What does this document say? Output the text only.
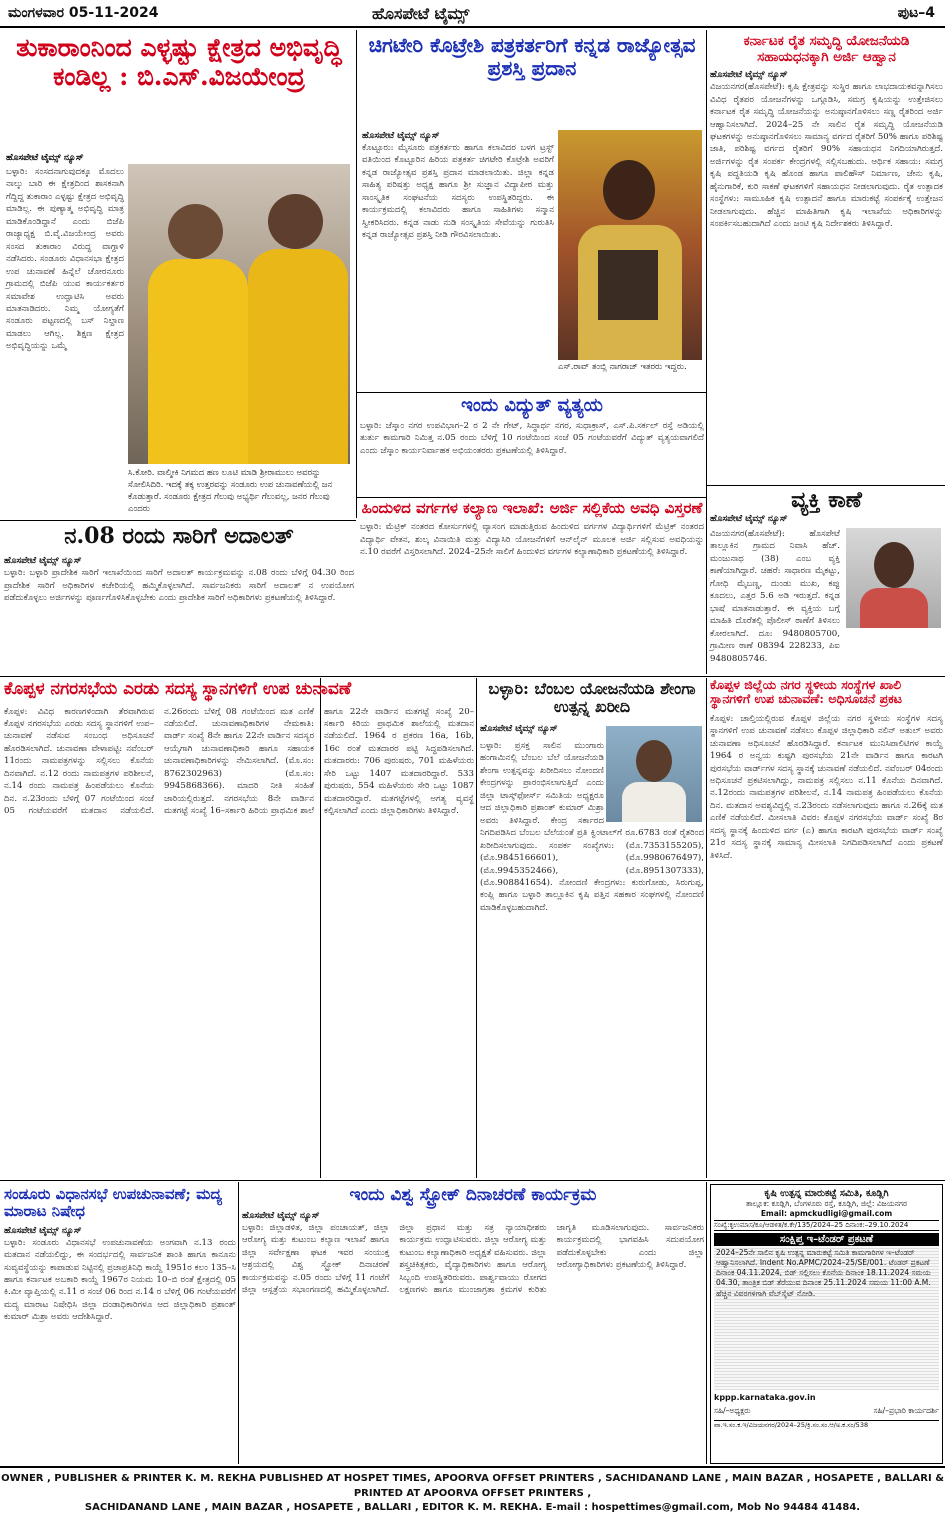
ಮಂಗಳವಾರ 05-11-2024	ಹೊಸಪೇಟೆ ಟೈಮ್ಸ್	ಪುಟ–4
ತುಕಾರಾಂನಿಂದ ಎಳ್ಳಷ್ಟು ಕ್ಷೇತ್ರದ ಅಭಿವೃದ್ಧಿ ಕಂಡಿಲ್ಲ : ಬಿ.ಎಸ್.ವಿಜಯೇಂದ್ರ
ಹೊಸಪೇಟೆ ಟೈಮ್ಸ್ ನ್ಯೂಸ್
ಬಳ್ಳಾರಿ: ಸಂಸದನಾಗುವುದಕ್ಕೂ ಮೊದಲು ನಾಲ್ಕು ಬಾರಿ ಈ ಕ್ಷೇತ್ರದಿಂದ ಶಾಸಕನಾಗಿ ಗೆದ್ದಿದ್ದ ತುಕಾರಾಂ ಎಳ್ಳಷ್ಟು ಕ್ಷೇತ್ರದ ಅಭಿವೃದ್ಧಿ ಮಾಡಿಲ್ಲ. ಈ ಪುಣ್ಯಾತ್ಮ ಅಭಿವೃದ್ಧಿ ಮಾತ್ರ ಮಾಡಿಕೊಂಡಿದ್ದಾನೆ ಎಂದು ಬಿಜೆಪಿ ರಾಜ್ಯಾಧ್ಯಕ್ಷ ಬಿ.ವೈ.ವಿಜಯೇಂದ್ರ ಅವರು ಸಂಸದ ತುಕಾರಾಂ ವಿರುದ್ಧ ವಾಗ್ದಾಳಿ ನಡೆಸಿದರು. ಸಂಡೂರು ವಿಧಾನಸಭಾ ಕ್ಷೇತ್ರದ ಉಪ ಚುನಾವಣೆ ಹಿನ್ನೆಲೆ ಚೋರನೂರು ಗ್ರಾಮದಲ್ಲಿ ಬಿಜೆಪಿ ಯುವ ಕಾರ್ಯಕರ್ತರ ಸಮಾವೇಶ ಉದ್ಘಾಟಿಸಿ ಅವರು ಮಾತನಾಡಿದರು. ನಿಮ್ಮ ಯೋಗ್ಯತೆಗೆ ಸಂಡೂರು ಪಟ್ಟಣದಲ್ಲಿ ಬಸ್ ನಿಲ್ದಾಣ ಮಾಡಲು ಆಗಿಲ್ಲ. ಶಿಕ್ಷಣ ಕ್ಷೇತ್ರದ ಅಭಿವೃದ್ಧಿಯನ್ನು ಒಮ್ಮೆ
ಸಿ.ಕೋರಿ. ವಾಲ್ಮೀಕಿ ನಿಗಮದ ಹಣ ಲೂಟಿ ಮಾಡಿ ಶ್ರೀರಾಮುಲು ಅವರನ್ನು ಸೋಲಿಸಿದಿರಿ. ಇದಕ್ಕೆ ತಕ್ಕ ಉತ್ತರವನ್ನು ಸಂಡೂರು ಉಪ ಚುನಾವಣೆಯಲ್ಲಿ ಜನ ಕೊಡುತ್ತಾರೆ. ಸಂಡೂರು ಕ್ಷೇತ್ರದ ಗೆಲುವು ಅಭ್ಯರ್ಥಿ ಗೆಲುವಲ್ಲ, ಜನರ ಗೆಲುವು ಎಂದರು
ಚಿಗಟೇರಿ ಕೊಟ್ರೇಶಿ ಪತ್ರಕರ್ತರಿಗೆ ಕನ್ನಡ ರಾಜ್ಯೋತ್ಸವ ಪ್ರಶಸ್ತಿ ಪ್ರದಾನ
ಹೊಸಪೇಟೆ ಟೈಮ್ಸ್ ನ್ಯೂಸ್
ಕೊಟ್ಟೂರು: ಮೈಸೂರು ಪತ್ರಕರ್ತರು ಹಾಗೂ ಕಲಾವಿದರ ಬಳಗ ಟ್ರಸ್ಟ್ ವತಿಯಿಂದ ಕೊಟ್ಟೂರಿನ ಹಿರಿಯ ಪತ್ರಕರ್ತ ಚಿಗಟೇರಿ ಕೊಟ್ರೇಶಿ ಅವರಿಗೆ ಕನ್ನಡ ರಾಜ್ಯೋತ್ಸವ ಪ್ರಶಸ್ತಿ ಪ್ರದಾನ ಮಾಡಲಾಯಿತು. ಜಿಲ್ಲಾ ಕನ್ನಡ ಸಾಹಿತ್ಯ ಪರಿಷತ್ತು ಅಧ್ಯಕ್ಷ ಹಾಗೂ ಶ್ರೀ ಸುಜ್ಞಾನ ವಿದ್ಯಾಪೀಠ ಮತ್ತು ಸಾಂಸ್ಕೃತಿಕ ಸಂಘಟನೆಯ ಸದಸ್ಯರು ಉಪಸ್ಥಿತರಿದ್ದರು. ಈ ಕಾರ್ಯಕ್ರಮದಲ್ಲಿ ಕಲಾವಿದರು ಹಾಗೂ ಸಾಹಿತಿಗಳು ಸನ್ಮಾನ ಸ್ವೀಕರಿಸಿದರು. ಕನ್ನಡ ನಾಡು ನುಡಿ ಸಂಸ್ಕೃತಿಯ ಸೇವೆಯನ್ನು ಗುರುತಿಸಿ ಕನ್ನಡ ರಾಜ್ಯೋತ್ಸವ ಪ್ರಶಸ್ತಿ ನೀಡಿ ಗೌರವಿಸಲಾಯಿತು.
ಎಸ್.ರಾವ್ ತಂಬ್ಲಿ ನಾಗರಾಜ್ ಇತರರು ಇದ್ದರು.
ಕರ್ನಾಟಕ ರೈತ ಸಮೃದ್ಧಿ ಯೋಜನೆಯಡಿ ಸಹಾಯಧನಕ್ಕಾಗಿ ಅರ್ಜಿ ಆಹ್ವಾನ
ಹೊಸಪೇಟೆ ಟೈಮ್ಸ್ ನ್ಯೂಸ್
ವಿಜಯನಗರ(ಹೊಸಪೇಟೆ): ಕೃಷಿ ಕ್ಷೇತ್ರವನ್ನು ಸುಸ್ಥಿರ ಹಾಗೂ ಲಾಭದಾಯಕವನ್ನಾಗಿಸಲು ವಿವಿಧ ರೈತಪರ ಯೋಜನೆಗಳನ್ನು ಒಗ್ಗೂಡಿಸಿ, ಸಮಗ್ರ ಕೃಷಿಯನ್ನು ಉತ್ತೇಜಿಸಲು ಕರ್ನಾಟಕ ರೈತ ಸಮೃದ್ಧಿ ಯೋಜನೆಯನ್ನು ಅನುಷ್ಠಾನಗೊಳಿಸಲು ಸಣ್ಣ ರೈತರಿಂದ ಅರ್ಜಿ ಆಹ್ವಾನಿಸಲಾಗಿದೆ. 2024–25 ನೇ ಸಾಲಿನ ರೈತ ಸಮೃದ್ಧಿ ಯೋಜನೆಯಡಿ ಘಟಕಗಳನ್ನು ಅನುಷ್ಠಾನಗೊಳಿಸಲು ಸಾಮಾನ್ಯ ವರ್ಗದ ರೈತರಿಗೆ 50% ಹಾಗೂ ಪರಿಶಿಷ್ಟ ಜಾತಿ, ಪರಿಶಿಷ್ಟ ವರ್ಗದ ರೈತರಿಗೆ 90% ಸಹಾಯಧನ ನಿಗದಿಯಾಗಿರುತ್ತದೆ. ಅರ್ಜಿಗಳನ್ನು ರೈತ ಸಂಪರ್ಕ ಕೇಂದ್ರಗಳಲ್ಲಿ ಸಲ್ಲಿಸಬಹುದು. ಆರ್ಥಿಕ ಸಹಾಯ: ಸಮಗ್ರ ಕೃಷಿ ಪದ್ಧತಿಯಡಿ ಕೃಷಿ ಹೊಂಡ ಹಾಗೂ ಪಾಲಿಹೌಸ್ ನಿರ್ಮಾಣ, ಜೇನು ಕೃಷಿ, ಹೈನುಗಾರಿಕೆ, ಕುರಿ ಸಾಕಣೆ ಘಟಕಗಳಿಗೆ ಸಹಾಯಧನ ನೀಡಲಾಗುವುದು. ರೈತ ಉತ್ಪಾದಕ ಸಂಸ್ಥೆಗಳು: ಸಾಮೂಹಿಕ ಕೃಷಿ ಉತ್ಪಾದನೆ ಹಾಗೂ ಮಾರುಕಟ್ಟೆ ಸಂಪರ್ಕಕ್ಕೆ ಉತ್ತೇಜನ ನೀಡಲಾಗುವುದು. ಹೆಚ್ಚಿನ ಮಾಹಿತಿಗಾಗಿ ಕೃಷಿ ಇಲಾಖೆಯ ಅಧಿಕಾರಿಗಳನ್ನು ಸಂಪರ್ಕಿಸಬಹುದಾಗಿದೆ ಎಂದು ಜಂಟಿ ಕೃಷಿ ನಿರ್ದೇಶಕರು ತಿಳಿಸಿದ್ದಾರೆ.
ಇಂದು ವಿದ್ಯುತ್ ವ್ಯತ್ಯಯ
ಬಳ್ಳಾರಿ: ಜೆಸ್ಕಾಂ ನಗರ ಉಪವಿಭಾಗ–2 ರ 2 ನೇ ಗೇಟ್, ಸಿದ್ಧಾರ್ಥ ನಗರ, ಸುಧಾಕ್ರಾಸ್, ಎಸ್.ಪಿ.ಸರ್ಕಲ್ ರಸ್ತೆ ಅಡಿಯಲ್ಲಿ ತುರ್ತು ಕಾಮಗಾರಿ ನಿಮಿತ್ತ ನ.05 ರಂದು ಬೆಳಿಗ್ಗೆ 10 ಗಂಟೆಯಿಂದ ಸಂಜೆ 05 ಗಂಟೆಯವರೆಗೆ ವಿದ್ಯುತ್ ವ್ಯತ್ಯಯವಾಗಲಿದೆ ಎಂದು ಜೆಸ್ಕಾಂ ಕಾರ್ಯನಿರ್ವಾಹಕ ಅಭಿಯಂತರರು ಪ್ರಕಟಣೆಯಲ್ಲಿ ತಿಳಿಸಿದ್ದಾರೆ.
ಹಿಂದುಳಿದ ವರ್ಗಗಳ ಕಲ್ಯಾಣ ಇಲಾಖೆ: ಅರ್ಜಿ ಸಲ್ಲಿಕೆಯ ಅವಧಿ ವಿಸ್ತರಣೆ
ಬಳ್ಳಾರಿ: ಮೆಟ್ರಿಕ್ ನಂತರದ ಕೋರ್ಸುಗಳಲ್ಲಿ ವ್ಯಾಸಂಗ ಮಾಡುತ್ತಿರುವ ಹಿಂದುಳಿದ ವರ್ಗಗಳ ವಿದ್ಯಾರ್ಥಿಗಳಿಗೆ ಮೆಟ್ರಿಕ್ ನಂತರದ ವಿದ್ಯಾರ್ಥಿ ವೇತನ, ಶುಲ್ಕ ವಿನಾಯಿತಿ ಮತ್ತು ವಿದ್ಯಾಸಿರಿ ಯೋಜನೆಗಳಿಗೆ ಆನ್‌ಲೈನ್ ಮೂಲಕ ಅರ್ಜಿ ಸಲ್ಲಿಸುವ ಅವಧಿಯನ್ನು ನ.10 ರವರೆಗೆ ವಿಸ್ತರಿಸಲಾಗಿದೆ. 2024–25ನೇ ಸಾಲಿಗೆ ಹಿಂದುಳಿದ ವರ್ಗಗಳ ಕಲ್ಯಾಣಾಧಿಕಾರಿ ಪ್ರಕಟಣೆಯಲ್ಲಿ ತಿಳಿಸಿದ್ದಾರೆ.
ವ್ಯಕ್ತಿ ಕಾಣೆ
ಹೊಸಪೇಟೆ ಟೈಮ್ಸ್ ನ್ಯೂಸ್
ವಿಜಯನಗರ(ಹೊಸಪೇಟೆ): ಹೊಸಪೇಟೆ ತಾಲ್ಲೂಕಿನ ಗ್ರಾಮದ ನಿವಾಸಿ ಹೆಚ್. ಮಂಜುನಾಥ (38) ಎಂಬ ವ್ಯಕ್ತಿ ಕಾಣೆಯಾಗಿದ್ದಾರೆ. ಚಹರೆ: ಸಾಧಾರಣ ಮೈಕಟ್ಟು, ಗೋಧಿ ಮೈಬಣ್ಣ, ದುಂಡು ಮುಖ, ಕಪ್ಪು ಕೂದಲು, ಎತ್ತರ 5.6 ಅಡಿ ಇರುತ್ತದೆ. ಕನ್ನಡ ಭಾಷೆ ಮಾತನಾಡುತ್ತಾರೆ. ಈ ವ್ಯಕ್ತಿಯ ಬಗ್ಗೆ ಮಾಹಿತಿ ದೊರೆತಲ್ಲಿ ಪೊಲೀಸ್ ಠಾಣೆಗೆ ತಿಳಿಸಲು ಕೋರಲಾಗಿದೆ. ದೂ: 9480805700, ಗ್ರಾಮೀಣ ಠಾಣೆ 08394 228233, ಪಿಐ 9480805746.
ನ.08 ರಂದು ಸಾರಿಗೆ ಅದಾಲತ್
ಹೊಸಪೇಟೆ ಟೈಮ್ಸ್ ನ್ಯೂಸ್
ಬಳ್ಳಾರಿ: ಬಳ್ಳಾರಿ ಪ್ರಾದೇಶಿಕ ಸಾರಿಗೆ ಇಲಾಖೆಯಿಂದ ಸಾರಿಗೆ ಅದಾಲತ್ ಕಾರ್ಯಕ್ರಮವನ್ನು ನ.08 ರಂದು ಬೆಳಿಗ್ಗೆ 04.30 ರಿಂದ ಪ್ರಾದೇಶಿಕ ಸಾರಿಗೆ ಅಧಿಕಾರಿಗಳ ಕಚೇರಿಯಲ್ಲಿ ಹಮ್ಮಿಕೊಳ್ಳಲಾಗಿದೆ. ಸಾರ್ವಜನಿಕರು ಸಾರಿಗೆ ಅದಾಲತ್ ನ ಉಪಯೋಗ ಪಡೆದುಕೊಳ್ಳಲು ಅರ್ಜಿಗಳನ್ನು ಪೂರ್ಣಗೊಳಿಸಿಕೊಳ್ಳಬೇಕು ಎಂದು ಪ್ರಾದೇಶಿಕ ಸಾರಿಗೆ ಅಧಿಕಾರಿಗಳು ಪ್ರಕಟಣೆಯಲ್ಲಿ ತಿಳಿಸಿದ್ದಾರೆ.
ಕೊಪ್ಪಳ ನಗರಸಭೆಯ ಎರಡು ಸದಸ್ಯ ಸ್ಥಾನಗಳಿಗೆ ಉಪ ಚುನಾವಣೆ
ಕೊಪ್ಪಳ: ವಿವಿಧ ಕಾರಣಗಳಿಂದಾಗಿ ತೆರವಾಗಿರುವ ಕೊಪ್ಪಳ ನಗರಸಭೆಯ ಎರಡು ಸದಸ್ಯ ಸ್ಥಾನಗಳಿಗೆ ಉಪ–ಚುನಾವಣೆ ನಡೆಸುವ ಸಂಬಂಧ ಅಧಿಸೂಚನೆ ಹೊರಡಿಸಲಾಗಿದೆ. ಚುನಾವಣಾ ವೇಳಾಪಟ್ಟಿ: ನವೆಂಬರ್ 11ರಂದು ನಾಮಪತ್ರಗಳನ್ನು ಸಲ್ಲಿಸಲು ಕೊನೆಯ ದಿನವಾಗಿದೆ. ನ.12 ರಂದು ನಾಮಪತ್ರಗಳ ಪರಿಶೀಲನೆ, ನ.14 ರಂದು ನಾಮಪತ್ರ ಹಿಂಪಡೆಯಲು ಕೊನೆಯ ದಿನ. ನ.23ರಂದು ಬೆಳಿಗ್ಗೆ 07 ಗಂಟೆಯಿಂದ ಸಂಜೆ 05 ಗಂಟೆಯವರೆಗೆ ಮತದಾನ ನಡೆಯಲಿದೆ. ನ.26ರಂದು ಬೆಳಿಗ್ಗೆ 08 ಗಂಟೆಯಿಂದ ಮತ ಎಣಿಕೆ ನಡೆಯಲಿದೆ. ಚುನಾವಣಾಧಿಕಾರಿಗಳ ನೇಮಕಾತಿ: ವಾರ್ಡ್ ಸಂಖ್ಯೆ 8ನೇ ಹಾಗೂ 22ನೇ ವಾರ್ಡಿನ ಸದಸ್ಯರ ಆಯ್ಕೆಗಾಗಿ ಚುನಾವಣಾಧಿಕಾರಿ ಹಾಗೂ ಸಹಾಯಕ ಚುನಾವಣಾಧಿಕಾರಿಗಳನ್ನು ನೇಮಿಸಲಾಗಿದೆ. (ಮೊ.ಸಂ: 8762302963) (ಮೊ.ಸಂ: 9945868366). ಮಾದರಿ ನೀತಿ ಸಂಹಿತೆ ಜಾರಿಯಲ್ಲಿರುತ್ತದೆ. ನಗರಸಭೆಯ 8ನೇ ವಾರ್ಡಿನ ಮತಗಟ್ಟೆ ಸಂಖ್ಯೆ 16–ಸರ್ಕಾರಿ ಹಿರಿಯ ಪ್ರಾಥಮಿಕ ಶಾಲೆ ಹಾಗೂ 22ನೇ ವಾರ್ಡಿನ ಮತಗಟ್ಟೆ ಸಂಖ್ಯೆ 20–ಸರ್ಕಾರಿ ಕಿರಿಯ ಪ್ರಾಥಮಿಕ ಶಾಲೆಯಲ್ಲಿ ಮತದಾನ ನಡೆಯಲಿದೆ. 1964 ರ ಪ್ರಕರಣ 16a, 16b, 16c ರಂತೆ ಮತದಾರರ ಪಟ್ಟಿ ಸಿದ್ಧಪಡಿಸಲಾಗಿದೆ. ಮತದಾರರು: 706 ಪುರುಷರು, 701 ಮಹಿಳೆಯರು ಸೇರಿ ಒಟ್ಟು 1407 ಮತದಾರರಿದ್ದಾರೆ. 533 ಪುರುಷರು, 554 ಮಹಿಳೆಯರು ಸೇರಿ ಒಟ್ಟು 1087 ಮತದಾರರಿದ್ದಾರೆ. ಮತಗಟ್ಟೆಗಳಲ್ಲಿ ಅಗತ್ಯ ವ್ಯವಸ್ಥೆ ಕಲ್ಪಿಸಲಾಗಿದೆ ಎಂದು ಜಿಲ್ಲಾಧಿಕಾರಿಗಳು ತಿಳಿಸಿದ್ದಾರೆ.
ಬಳ್ಳಾರಿ: ಬೆಂಬಲ ಯೋಜನೆಯಡಿ ಶೇಂಗಾ ಉತ್ಪನ್ನ ಖರೀದಿ
ಹೊಸಪೇಟೆ ಟೈಮ್ಸ್ ನ್ಯೂಸ್
ಬಳ್ಳಾರಿ: ಪ್ರಸಕ್ತ ಸಾಲಿನ ಮುಂಗಾರು ಹಂಗಾಮಿನಲ್ಲಿ ಬೆಂಬಲ ಬೆಲೆ ಯೋಜನೆಯಡಿ ಶೇಂಗಾ ಉತ್ಪನ್ನವನ್ನು ಖರೀದಿಸಲು ನೋಂದಣಿ ಕೇಂದ್ರಗಳನ್ನು ಪ್ರಾರಂಭಿಸಲಾಗುತ್ತಿದೆ ಎಂದು ಜಿಲ್ಲಾ ಟಾಸ್ಕ್‌ಫೋರ್ಸ್ ಸಮಿತಿಯ ಅಧ್ಯಕ್ಷರೂ ಆದ ಜಿಲ್ಲಾಧಿಕಾರಿ ಪ್ರಶಾಂತ್ ಕುಮಾರ್ ಮಿಶ್ರಾ ಅವರು ತಿಳಿಸಿದ್ದಾರೆ. ಕೇಂದ್ರ ಸರ್ಕಾರದ ನಿಗದಿಪಡಿಸಿದ ಬೆಂಬಲ ಬೆಲೆಯಂತೆ ಪ್ರತಿ ಕ್ವಿಂಟಾಲ್‌ಗೆ ರೂ.6783 ರಂತೆ ರೈತರಿಂದ ಖರೀದಿಸಲಾಗುವುದು. ಸಂಪರ್ಕ ಸಂಖ್ಯೆಗಳು: (ಮೊ.7353155205), (ಮೊ.9845166601), (ಮೊ.9980676497), (ಮೊ.9945352466), (ಮೊ.8951307333), (ಮೊ.908841654). ನೋಂದಣಿ ಕೇಂದ್ರಗಳು: ಕುರುಗೋಡು, ಸಿರುಗುಪ್ಪ, ಕಂಪ್ಲಿ ಹಾಗೂ ಬಳ್ಳಾರಿ ತಾಲ್ಲೂಕಿನ ಕೃಷಿ ಪತ್ತಿನ ಸಹಕಾರ ಸಂಘಗಳಲ್ಲಿ ನೋಂದಣಿ ಮಾಡಿಕೊಳ್ಳಬಹುದಾಗಿದೆ.
ಕೊಪ್ಪಳ ಜಿಲ್ಲೆಯ ನಗರ ಸ್ಥಳೀಯ ಸಂಸ್ಥೆಗಳ ಖಾಲಿ ಸ್ಥಾನಗಳಿಗೆ ಉಪ ಚುನಾವಣೆ: ಅಧಿಸೂಚನೆ ಪ್ರಕಟ
ಕೊಪ್ಪಳ: ಚಾಲ್ತಿಯಲ್ಲಿರುವ ಕೊಪ್ಪಳ ಜಿಲ್ಲೆಯ ನಗರ ಸ್ಥಳೀಯ ಸಂಸ್ಥೆಗಳ ಸದಸ್ಯ ಸ್ಥಾನಗಳಿಗೆ ಉಪ ಚುನಾವಣೆ ನಡೆಸಲು ಕೊಪ್ಪಳ ಜಿಲ್ಲಾಧಿಕಾರಿ ನಲಿನ್ ಅತುಲ್ ಅವರು ಚುನಾವಣಾ ಅಧಿಸೂಚನೆ ಹೊರಡಿಸಿದ್ದಾರೆ. ಕರ್ನಾಟಕ ಮುನಿಸಿಪಾಲಿಟಿಗಳ ಕಾಯ್ದೆ 1964 ರ ಅನ್ವಯ ಕುಷ್ಟಗಿ ಪುರಸಭೆಯ 21ನೇ ವಾರ್ಡಿನ ಹಾಗೂ ಕಾರಟಗಿ ಪುರಸಭೆಯ ವಾರ್ಡ್‌ಗಳ ಸದಸ್ಯ ಸ್ಥಾನಕ್ಕೆ ಚುನಾವಣೆ ನಡೆಯಲಿದೆ. ನವೆಂಬರ್ 04ರಂದು ಅಧಿಸೂಚನೆ ಪ್ರಕಟಿಸಲಾಗಿದ್ದು, ನಾಮಪತ್ರ ಸಲ್ಲಿಸಲು ನ.11 ಕೊನೆಯ ದಿನವಾಗಿದೆ. ನ.12ರಂದು ನಾಮಪತ್ರಗಳ ಪರಿಶೀಲನೆ, ನ.14 ನಾಮಪತ್ರ ಹಿಂಪಡೆಯಲು ಕೊನೆಯ ದಿನ. ಮತದಾನ ಅವಶ್ಯವಿದ್ದಲ್ಲಿ ನ.23ರಂದು ನಡೆಸಲಾಗುವುದು ಹಾಗೂ ನ.26ಕ್ಕೆ ಮತ ಎಣಿಕೆ ನಡೆಯಲಿದೆ. ಮೀಸಲಾತಿ ವಿವರ: ಕೊಪ್ಪಳ ನಗರಸಭೆಯ ವಾರ್ಡ್ ಸಂಖ್ಯೆ 8ರ ಸದಸ್ಯ ಸ್ಥಾನಕ್ಕೆ ಹಿಂದುಳಿದ ವರ್ಗ (ಎ) ಹಾಗೂ ಕಾರಟಗಿ ಪುರಸಭೆಯ ವಾರ್ಡ್ ಸಂಖ್ಯೆ 21ರ ಸದಸ್ಯ ಸ್ಥಾನಕ್ಕೆ ಸಾಮಾನ್ಯ ಮೀಸಲಾತಿ ನಿಗದಿಪಡಿಸಲಾಗಿದೆ ಎಂದು ಪ್ರಕಟಣೆ ತಿಳಿಸಿದೆ.
ಸಂಡೂರು ವಿಧಾನಸಭೆ ಉಪಚುನಾವಣೆ; ಮದ್ಯ ಮಾರಾಟ ನಿಷೇಧ
ಹೊಸಪೇಟೆ ಟೈಮ್ಸ್ ನ್ಯೂಸ್
ಬಳ್ಳಾರಿ: ಸಂಡೂರು ವಿಧಾನಸಭೆ ಉಪಚುನಾವಣೆಯ ಅಂಗವಾಗಿ ನ.13 ರಂದು ಮತದಾನ ನಡೆಯಲಿದ್ದು, ಈ ಸಂದರ್ಭದಲ್ಲಿ ಸಾರ್ವಜನಿಕ ಶಾಂತಿ ಹಾಗೂ ಕಾನೂನು ಸುವ್ಯವಸ್ಥೆಯನ್ನು ಕಾಪಾಡುವ ನಿಟ್ಟಿನಲ್ಲಿ ಪ್ರಜಾಪ್ರತಿನಿಧಿ ಕಾಯ್ದೆ 1951ರ ಕಲಂ 135–ಸಿ ಹಾಗೂ ಕರ್ನಾಟಕ ಅಬಕಾರಿ ಕಾಯ್ದೆ 1967ರ ನಿಯಮ 10–ಬಿ ರಂತೆ ಕ್ಷೇತ್ರದಲ್ಲಿ 05 ಕಿ.ಮೀ ವ್ಯಾಪ್ತಿಯಲ್ಲಿ ನ.11 ರ ಸಂಜೆ 06 ರಿಂದ ನ.14 ರ ಬೆಳಿಗ್ಗೆ 06 ಗಂಟೆಯವರೆಗೆ ಮದ್ಯ ಮಾರಾಟ ನಿಷೇಧಿಸಿ ಜಿಲ್ಲಾ ದಂಡಾಧಿಕಾರಿಗಳೂ ಆದ ಜಿಲ್ಲಾಧಿಕಾರಿ ಪ್ರಶಾಂತ್ ಕುಮಾರ್ ಮಿಶ್ರಾ ಅವರು ಆದೇಶಿಸಿದ್ದಾರೆ.
ಇಂದು ವಿಶ್ವ ಸ್ಟ್ರೋಕ್ ದಿನಾಚರಣೆ ಕಾರ್ಯಕ್ರಮ
ಹೊಸಪೇಟೆ ಟೈಮ್ಸ್ ನ್ಯೂಸ್
ಬಳ್ಳಾರಿ: ಜಿಲ್ಲಾಡಳಿತ, ಜಿಲ್ಲಾ ಪಂಚಾಯತ್, ಜಿಲ್ಲಾ ಆರೋಗ್ಯ ಮತ್ತು ಕುಟುಂಬ ಕಲ್ಯಾಣ ಇಲಾಖೆ ಹಾಗೂ ಜಿಲ್ಲಾ ಸರ್ವೇಕ್ಷಣಾ ಘಟಕ ಇವರ ಸಂಯುಕ್ತ ಆಶ್ರಯದಲ್ಲಿ ವಿಶ್ವ ಸ್ಟ್ರೋಕ್ ದಿನಾಚರಣೆ ಕಾರ್ಯಕ್ರಮವನ್ನು ನ.05 ರಂದು ಬೆಳಿಗ್ಗೆ 11 ಗಂಟೆಗೆ ಜಿಲ್ಲಾ ಆಸ್ಪತ್ರೆಯ ಸಭಾಂಗಣದಲ್ಲಿ ಹಮ್ಮಿಕೊಳ್ಳಲಾಗಿದೆ. ಜಿಲ್ಲಾ ಪ್ರಧಾನ ಮತ್ತು ಸತ್ರ ನ್ಯಾಯಾಧೀಶರು ಕಾರ್ಯಕ್ರಮ ಉದ್ಘಾಟಿಸುವರು. ಜಿಲ್ಲಾ ಆರೋಗ್ಯ ಮತ್ತು ಕುಟುಂಬ ಕಲ್ಯಾಣಾಧಿಕಾರಿ ಅಧ್ಯಕ್ಷತೆ ವಹಿಸುವರು. ಜಿಲ್ಲಾ ಶಸ್ತ್ರಚಿಕಿತ್ಸಕರು, ವೈದ್ಯಾಧಿಕಾರಿಗಳು ಹಾಗೂ ಆರೋಗ್ಯ ಸಿಬ್ಬಂದಿ ಉಪಸ್ಥಿತರಿರುವರು. ಪಾರ್ಶ್ವವಾಯು ರೋಗದ ಲಕ್ಷಣಗಳು ಹಾಗೂ ಮುಂಜಾಗ್ರತಾ ಕ್ರಮಗಳ ಕುರಿತು ಜಾಗೃತಿ ಮೂಡಿಸಲಾಗುವುದು. ಸಾರ್ವಜನಿಕರು ಕಾರ್ಯಕ್ರಮದಲ್ಲಿ ಭಾಗವಹಿಸಿ ಸದುಪಯೋಗ ಪಡೆದುಕೊಳ್ಳಬೇಕು ಎಂದು ಜಿಲ್ಲಾ ಆರೋಗ್ಯಾಧಿಕಾರಿಗಳು ಪ್ರಕಟಣೆಯಲ್ಲಿ ತಿಳಿಸಿದ್ದಾರೆ.
ಕೃಷಿ ಉತ್ಪನ್ನ ಮಾರುಕಟ್ಟೆ ಸಮಿತಿ, ಕೂಡ್ಲಿಗಿ
ತಾಲ್ಲೂಕ: ಕೂಡ್ಲಿಗಿ, ಬೆಂಗಳೂರು ರಸ್ತೆ, ಕೂಡ್ಲಿಗಿ, ಜಿಲ್ಲೆ: ವಿಜಯನಗರ
Email: apmckudligi@gmail.com
ಸಂಖ್ಯೆ:ಕೃಉಮಾಸ/ಕೂ/ಆಡಳಿತ/ಕ.ಕೇ/135/2024–25 ದಿನಾಂಕ:–29.10.2024
ಸಂಕ್ಷಿಪ್ತ ಇ–ಟೆಂಡರ್ ಪ್ರಕಟಣೆ
2024–25ನೇ ಸಾಲಿನ ಕೃಷಿ ಉತ್ಪನ್ನ ಮಾರುಕಟ್ಟೆ ಸಮಿತಿ ಕಾಮಗಾರಿಗಳ ಇ–ಟೆಂಡರ್ ಆಹ್ವಾನಿಸಲಾಗಿದೆ. Indent No.APMC/2024–25/SE/001. ಟೆಂಡರ್ ಪ್ರಕಟಣೆ ದಿನಾಂಕ 04.11.2024, ಬಿಡ್ ಸಲ್ಲಿಸಲು ಕೊನೆಯ ದಿನಾಂಕ 18.11.2024 ಸಮಯ 04.30, ತಾಂತ್ರಿಕ ಬಿಡ್ ತೆರೆಯುವ ದಿನಾಂಕ 25.11.2024 ಸಮಯ 11:00 A.M. ಹೆಚ್ಚಿನ ವಿವರಗಳಿಗಾಗಿ ವೆಬ್‌ಸೈಟ್ ನೋಡಿ.
kppp.karnataka.gov.in
ಸಹಿ/–ಅಧ್ಯಕ್ಷರು	ಸಹಿ/–ಪ್ರಭಾರಿ ಕಾರ್ಯದರ್ಶಿ
ವಾ.ಇ.ಸಂ.ಕ.ಇ/ವಿಜಯನಗರ/2024–25/ಕ್ರಿ.ಸಂ.ಸಂ.ಆ/ಅ.ಕ.ಸಂ/538
OWNER , PUBLISHER & PRINTER K. M. REKHA PUBLISHED AT HOSPET TIMES, APOORVA OFFSET PRINTERS , SACHIDANAND LANE , MAIN BAZAR , HOSAPETE , BALLARI & PRINTED AT APOORVA OFFSET PRINTERS ,
SACHIDANAND LANE , MAIN BAZAR , HOSAPETE , BALLARI , EDITOR K. M. REKHA. E-mail : hospettimes@gmail.com, Mob No 94484 41484.
